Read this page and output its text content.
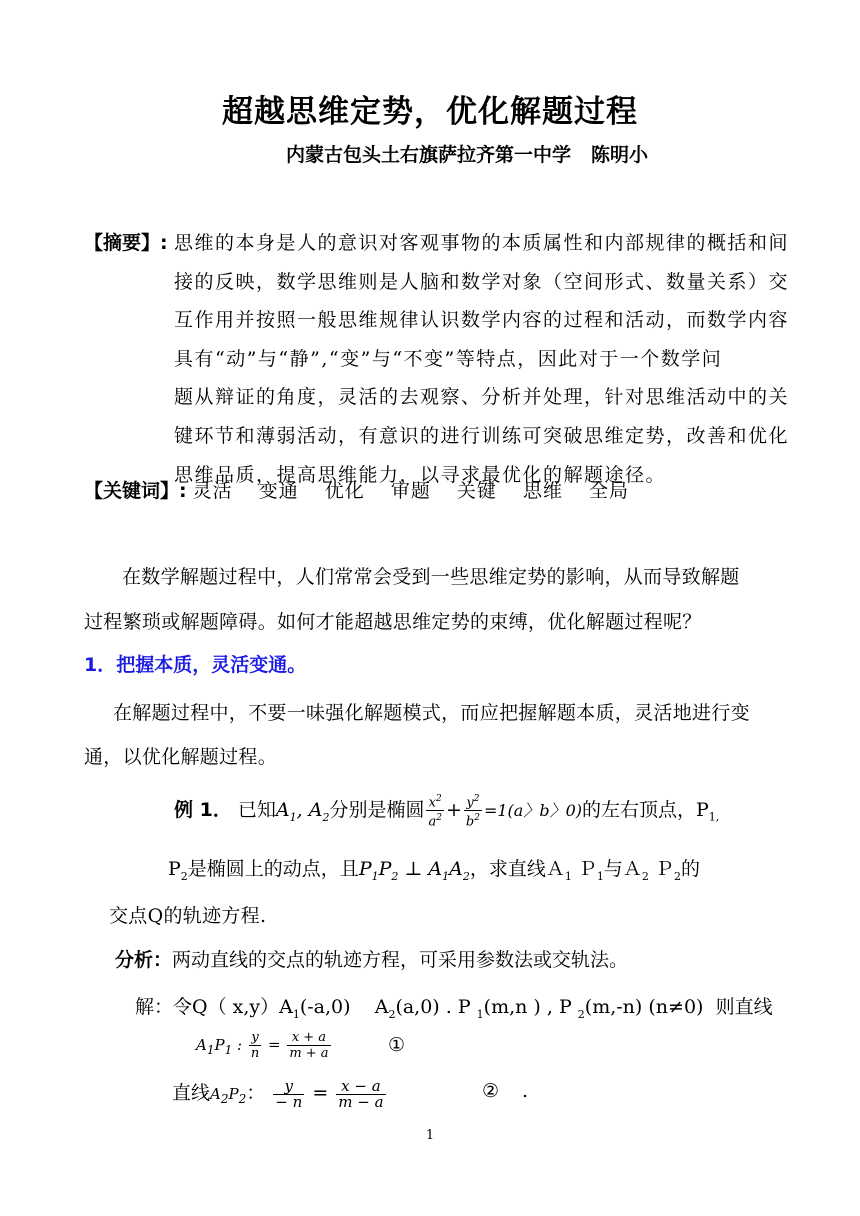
超越思维定势，优化解题过程
内蒙古包头土右旗萨拉齐第一中学 陈明小
【摘要】: 思维的本身是人的意识对客观事物的本质属性和内部规律的概括和间
接的反映，数学思维则是人脑和数学对象（空间形式、数量关系）交
互作用并按照一般思维规律认识数学内容的过程和活动，而数学内容
具有“动”与“静”,“变”与“不变”等特点，因此对于一个数学问
题从辩证的角度，灵活的去观察、分析并处理，针对思维活动中的关
键环节和薄弱活动，有意识的进行训练可突破思维定势，改善和优化
思维品质，提高思维能力，以寻求最优化的解题途径。
【关键词】: 灵活 变通 优化 审题 关键 思维 全局
在数学解题过程中，人们常常会受到一些思维定势的影响，从而导致解题
过程繁琐或解题障碍。如何才能超越思维定势的束缚，优化解题过程呢？
1．把握本质，灵活变通。
在解题过程中，不要一味强化解题模式，而应把握解题本质，灵活地进行变
通，以优化解题过程。
例 1． 已知$A_1$, $A_2$分别是椭圆 $\frac{x^2}{a^2} + \frac{y^2}{b^2} =1(a$〉b〉0)的左右顶点，$P_{1,}$
$P_2$是椭圆上的动点，且$P_1P_2$ ⊥ $A_1A_2$，求直线Ａ$_1$ Ｐ$_1$与Ａ$_2$ Ｐ$_2$的
交点Q的轨迹方程.
分析：两动直线的交点的轨迹方程，可采用参数法或交轨法。
解：令Q（ $x,y)A_1(-a,0)$    $A_2(a,0)$ . P $_1$(m,n ) , P $_2$(m,-n) (n≠0) 则直线
$A_1P_1$ : $\frac{y}{n} = \frac{x + a}{m + a}$	①
直线$A_2P_2$： $\frac{y}{- n} = \frac{x - a}{m - a}$	② .
1
